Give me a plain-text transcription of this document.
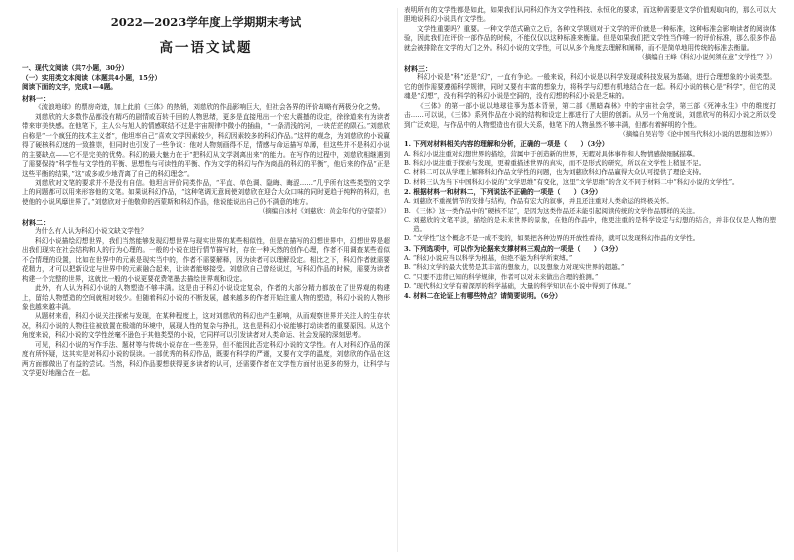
2022—2023学年度上学期期末考试
高一语文试题
一、现代文阅读（共7小题，30分）
（一）实用类文本阅读（本题共4小题，15分）
阅读下面的文字，完成1—4题。
材料一：

《流浪地球》的票房奇迹，加上此前《三体》的热销，刘慈欣的作品影响巨大，但社会各界的评价却略有两极分化之势。

刘慈欣的大多数作品都没有精巧的剧情或百转千回的人物思绪，更多是直接甩出一个宏大震撼的设定，徐徐道来有为读者带来审美快感。在他笔下，主人公与旭人的情感联结不过是宇宙规律中微小的插曲，“一条清浅的河，一块茫茫的陨石。”刘慈欣自称是“一个疯狂的技术主义者”，他坦率自己“喜欢文学因素较少，科幻因素较多的科幻作品。”这样的观念，为刘慈欣的小说赢得了硬核科幻迷的一致推崇，但同时也引发了一些争议：他对人物刻画得不足，情感与命运描写单薄，但这些并不是科幻小说的主要缺点——它不是完美的优势。科幻的最大魅力在于“把科幻从文学剥离出来”的能力。在写作的过程中，刘慈欣相继遇到了需要保持“科学性与文学性的平衡、思想性与可读性的平衡、作为文学的科幻与作为商品的科幻的平衡”，他后来的作品“正是这些平衡的结果，”这“或多或少地背离了自己的科幻理念”。

刘慈欣对文笔的要求并不是没有自信。他坦言评价同类作品，“平直、单色调、隐晦、晦涩……”几乎所有这些类型的文学上的问题都可以用来形容他的文笔。如果说科幻作品，“这种笔调无意间使刘慈欣在迎合大众口味的同时更趋于纯粹的科幻，也使他的小说风靡世界了。”刘慈欣对于他敬仰的西蒙斯和科幻作品，他说能说出自己仍不满意的地方。

（摘编自冰村《刘慈欣：黄金年代的守望者》）
材料二：

为什么有人认为科幻小说文缺文学性？

科幻小说描绘幻想世界，我们当然能够发现幻想世界与现实世界的某些相似性，但是在描写的幻想世界中，幻想世界是超出我们现实在社会结构和人的行为心理的。一般的小说在进行情节描写时，存在一种天然的创作心理，作者不用调查某些看似不合情理的设置，比如在世界中的元素是现实当中的，作者不需要解释，因为读者可以理解设定。相比之下，科幻作者就需要花精力，才可以把新设定与世界中的元素融合起来，让读者能够接受。刘慈欣自己曾经说过，写科幻作品的时候，需要为读者构建一个完整的世界，这就比一般的小说更要花费笔墨去描绘世界观和设定。

此外，有人认为科幻小说的人物塑造不够丰满。这是由于科幻小说设定复杂，作者的大部分精力都放在了世界观的构建上，留给人物塑造的空间就相对较少。但随着科幻小说的不断发展，越来越多的作者开始注重人物的塑造，科幻小说的人物形象也越来越丰满。

从题材来看，科幻小说关注探索与发现，在某种程度上，这对刘慈欣的科幻也产生影响，从而观察世界并关注人的生存状况，科幻小说的人物往往被放置在极端的环境中，展现人性的复杂与挣扎，这也是科幻小说能够打动读者的重要原因。从这个角度来说，科幻小说的文学性丝毫不逊色于其他类型的小说，它同样可以引发读者对人类命运、社会发展的深刻思考。

可见，科幻小说的写作手法、题材等与传统小说存在一些差异，但不能因此否定科幻小说的文学性。有人对科幻作品的深度有所怀疑，这其实是对科幻小说的误读。一部优秀的科幻作品，既要有科学的严谨，又要有文学的温度，刘慈欣的作品在这两方面都做出了有益的尝试。当然，科幻作品要想获得更多读者的认可，还需要作者在文学性方面付出更多的努力，让科学与文学更好地融合在一起。

表明所有的文学性都是如此，如果我们认同科幻作为文学性科技、永恒化的要求，而这种需要是文学价值观取向的，那么可以大胆地说科幻小说具有文学性。

文学性重要吗？重要。一种文学范式确立之后，各种文学规则对于文学的评价就是一种标准，这种标准会影响读者的阅读体验，因此我们在评价一部作品的时候，不能仅仅以这种标准来衡量。但是如果我们把文学性当作唯一的评价标准，那么很多作品就会被排除在文学的大门之外。科幻小说的文学性，可以从多个角度去理解和阐释，而不是简单地用传统的标准去衡量。

（摘编自王峰《科幻小说何须在意“文学性”？》）
材料三：

科幻小说是“科”还是“幻”，一直有争论。一般来说，科幻小说是以科学发现或科技发展为基础，进行合理想象的小说类型。它的创作需要遵循科学规律，同时又要有丰富的想象力，将科学与幻想有机地结合在一起。科幻小说的核心是“科学”，但它的灵魂是“幻想”，没有科学的科幻小说是空洞的，没有幻想的科幻小说是乏味的。

《三体》的第一部小说以地球往事为基本背景，第二部《黑暗森林》中的宇宙社会学，第三部《死神永生》中的维度打击……可以说，《三体》系列作品在小说的结构和设定上都进行了大胆的创新。从另一个角度说，刘慈欣写的科幻小说之所以受到广泛欢迎，与作品中的人物塑造也有很大关系，他笔下的人物虽然不够丰满，但都有着鲜明的个性。

（摘编自吴岩等《论中国当代科幻小说的思想和边界》）
1. 下列对材料相关内容的理解和分析，正确的一项是（　　）（3分）
A. 科幻小说注重对幻想世界的描绘，营属中于创造新的世界，无暇对具体事件和人物情感做细腻描摹。
B. 科幻小说注重于探索与发现，更着重描述世界的真实，而不是形式的研究，所以在文学性上稍显不足。
C. 材料二可以从学理上解释科幻作品文学性的问题，也为刘慈欣科幻作品赢得大众认可提供了理论支持。
D. 材料三认为当下中国科幻小说的“文学思维”有变化，这里“文学思维”的含义不同于材料二中“科幻小说的文学性”。
2. 根据材料一和材料二，下列说法不正确的一项是（　　）（3分）
A. 刘慈欣不重视情节的安排与结构，作品有宏大的叙事，并且还注重对人类命运的终极关怀。
B. 《三体》这一类作品中的“硬核不足”，是因为这类作品还未能引起阅读传统的文学作品那样的关注。
C. 刘慈欣的文笔平淡，描绘的是未来世界的景象，在他的作品中，他更注重的是科学设定与幻想的结合，并非仅仅是人物的塑造。
D. “文学性”这个概念不是一成不变的，如果把各种边界的开放性看待，就可以发现科幻作品的文学性。
3. 下列选项中，可以作为论据来支撑材料三观点的一项是（　　）（3分）
A. “科幻小说应当以科学为根基，但绝不能为科学所束缚。”
B. “科幻文学的最大优势是其丰富的想象力，以及想象力对现实世界的超越。”
C. “只要不违背已知的科学规律，作者可以对未来做出合理的推测。”
D. “现代科幻文学有着深厚的科学基础，大量的科学知识在小说中得到了体现。”
4. 材料二在论证上有哪些特点？请简要说明。（6分）
